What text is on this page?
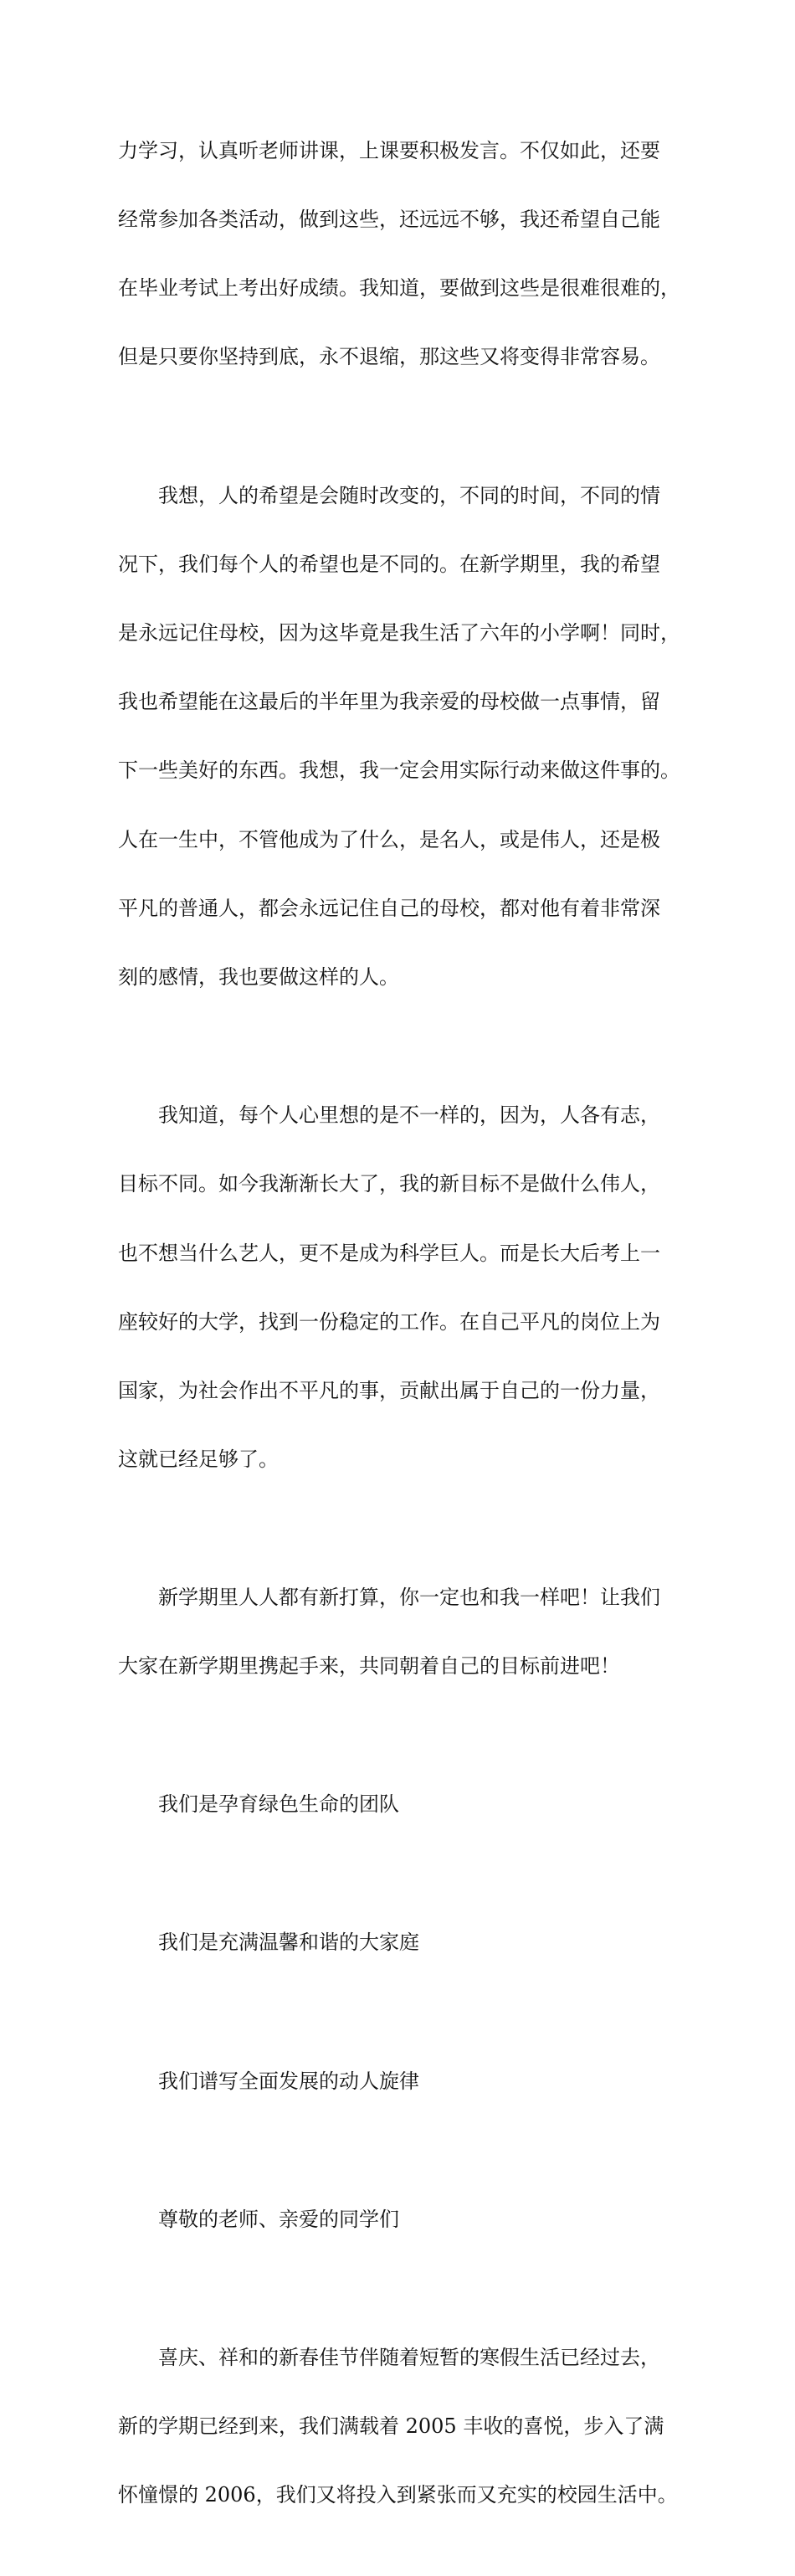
力学习，认真听老师讲课，上课要积极发言。不仅如此，还要

经常参加各类活动，做到这些，还远远不够，我还希望自己能

在毕业考试上考出好成绩。我知道，要做到这些是很难很难的，

但是只要你坚持到底，永不退缩，那这些又将变得非常容易。

我想，人的希望是会随时改变的，不同的时间，不同的情

况下，我们每个人的希望也是不同的。在新学期里，我的希望

是永远记住母校，因为这毕竟是我生活了六年的小学啊！同时，

我也希望能在这最后的半年里为我亲爱的母校做一点事情，留

下一些美好的东西。我想，我一定会用实际行动来做这件事的。

人在一生中，不管他成为了什么，是名人，或是伟人，还是极

平凡的普通人，都会永远记住自己的母校，都对他有着非常深

刻的感情，我也要做这样的人。

我知道，每个人心里想的是不一样的，因为，人各有志，

目标不同。如今我渐渐长大了，我的新目标不是做什么伟人，

也不想当什么艺人，更不是成为科学巨人。而是长大后考上一

座较好的大学，找到一份稳定的工作。在自己平凡的岗位上为

国家，为社会作出不平凡的事，贡献出属于自己的一份力量，

这就已经足够了。

新学期里人人都有新打算，你一定也和我一样吧！让我们

大家在新学期里携起手来，共同朝着自己的目标前进吧！

我们是孕育绿色生命的团队

我们是充满温馨和谐的大家庭

我们谱写全面发展的动人旋律

尊敬的老师、亲爱的同学们

喜庆、祥和的新春佳节伴随着短暂的寒假生活已经过去，

新的学期已经到来，我们满载着 2005 丰收的喜悦，步入了满

怀憧憬的 2006，我们又将投入到紧张而又充实的校园生活中。
